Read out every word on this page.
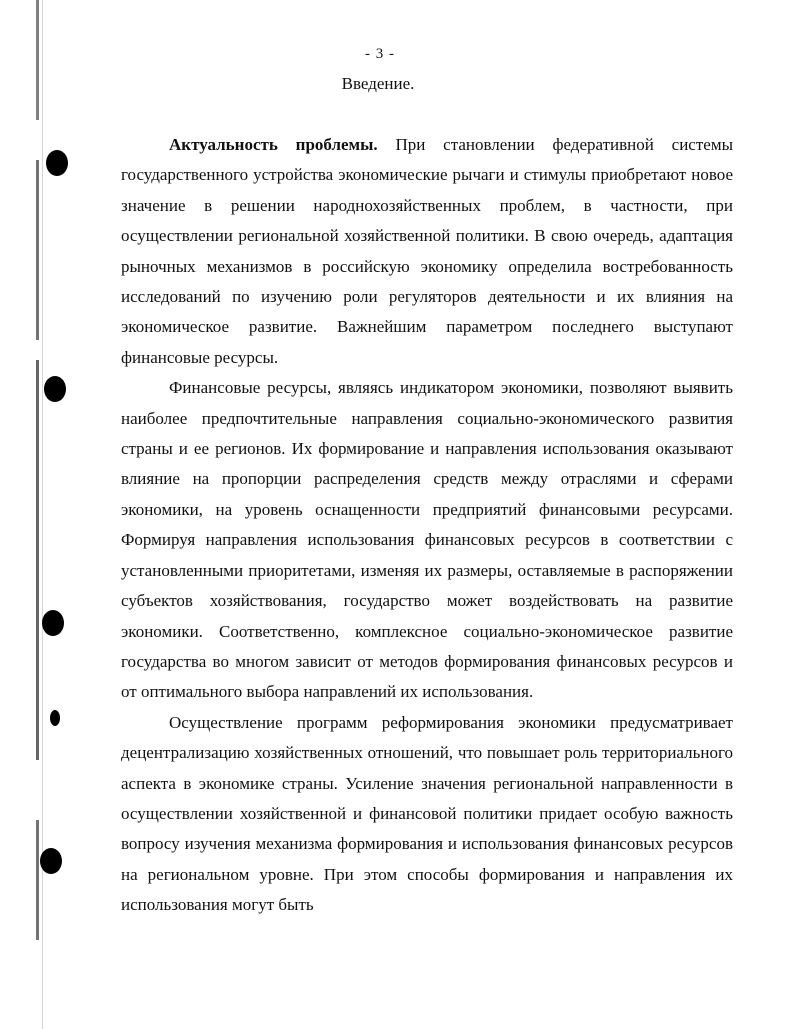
- 3 -
Введение.

Актуальность проблемы. При становлении федеративной системы государственного устройства экономические рычаги и стимулы приобретают новое значение в решении народнохозяйственных проблем, в частности, при осуществлении региональной хозяйственной политики. В свою очередь, адаптация рыночных механизмов в российскую экономику определила востребованность исследований по изучению роли регуляторов деятельности и их влияния на экономическое развитие. Важнейшим параметром последнего выступают финансовые ресурсы.

Финансовые ресурсы, являясь индикатором экономики, позволяют выявить наиболее предпочтительные направления социально-экономического развития страны и ее регионов. Их формирование и направления использования оказывают влияние на пропорции распределения средств между отраслями и сферами экономики, на уровень оснащенности предприятий финансовыми ресурсами. Формируя направления использования финансовых ресурсов в соответствии с установленными приоритетами, изменяя их размеры, оставляемые в распоряжении субъектов хозяйствования, государство может воздействовать на развитие экономики. Соответственно, комплексное социально-экономическое развитие государства во многом зависит от методов формирования финансовых ресурсов и от оптимального выбора направлений их использования.

Осуществление программ реформирования экономики предусматривает децентрализацию хозяйственных отношений, что повышает роль территориального аспекта в экономике страны. Усиление значения региональной направленности в осуществлении хозяйственной и финансовой политики придает особую важность вопросу изучения механизма формирования и использования финансовых ресурсов на региональном уровне. При этом способы формирования и направления их использования могут быть
